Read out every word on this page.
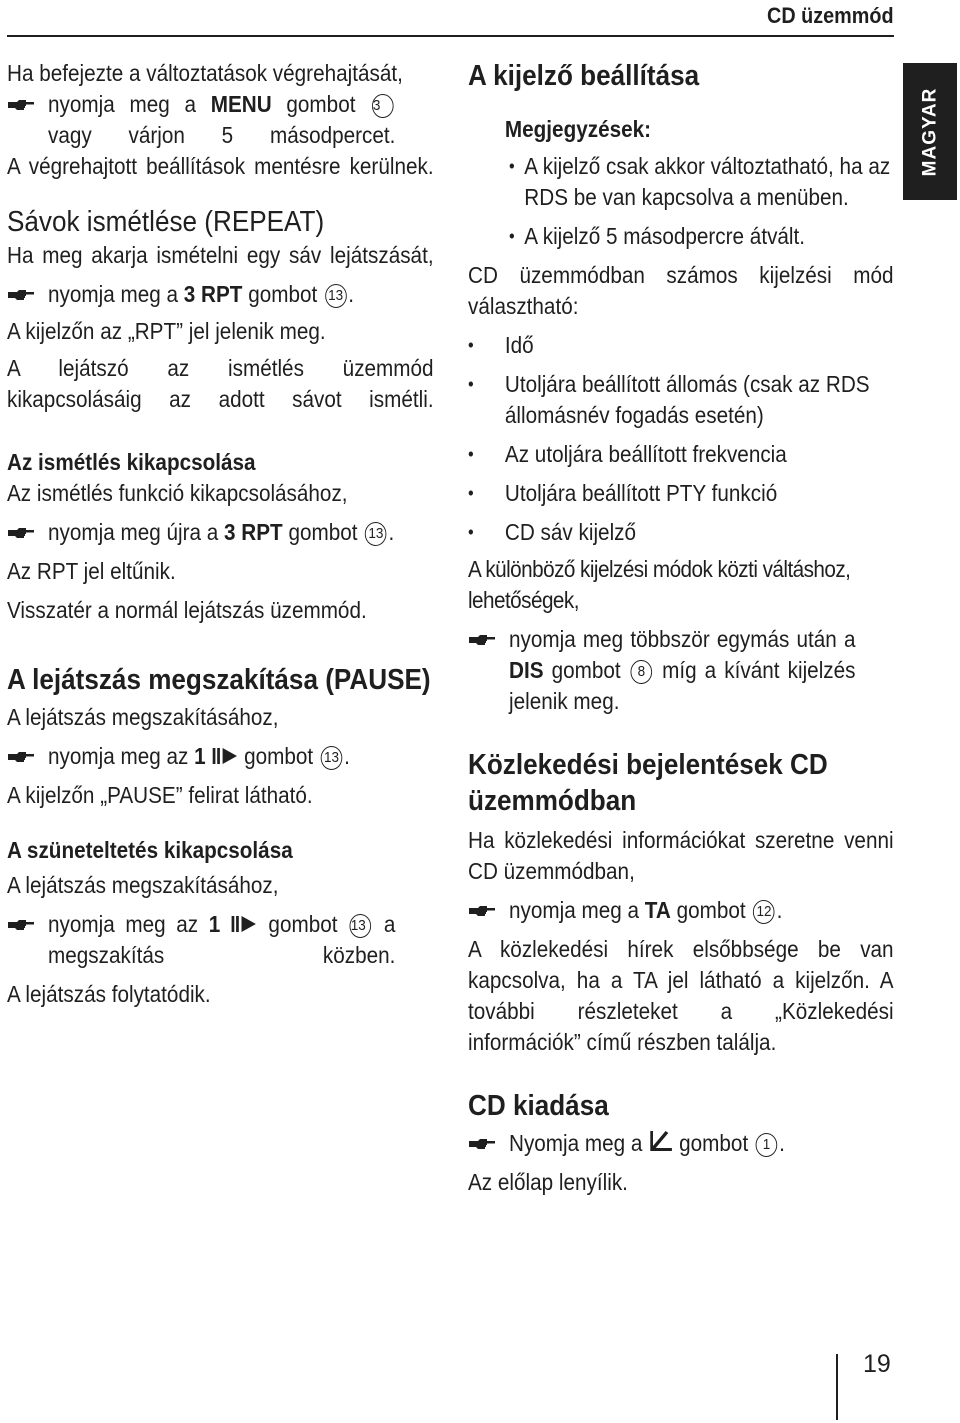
CD üzemmód
MAGYAR

Ha befejezte a változtatások végrehajtását,

nyomja meg a MENU gombot 3 vagy várjon 5 másodpercet.

A végrehajtott beállítások mentésre kerülnek.

Sávok ismétlése (REPEAT)

Ha meg akarja ismételni egy sáv lejátszását,

nyomja meg a 3 RPT gombot 13 .

A kijelzőn az „RPT” jel jelenik meg.

A lejátszó az ismétlés üzemmód kikapcsolásáig az adott sávot ismétli.

Az ismétlés kikapcsolása

Az ismétlés funkció kikapcsolásához,

nyomja meg újra a 3 RPT gombot 13 .

Az RPT jel eltűnik.

Visszatér a normál lejátszás üzemmód.

A lejátszás megszakítása (PAUSE)

A lejátszás megszakításához,

nyomja meg az 1  gombot 13 .

A kijelzőn „PAUSE” felirat látható.

A szüneteltetés kikapcsolása

A lejátszás megszakításához,

nyomja meg az 1  gombot 13 a megszakítás közben.

A lejátszás folytatódik.

A kijelző beállítása

Megjegyzések:

• A kijelző csak akkor változtatható, ha az RDS be van kapcsolva a menüben.
• A kijelző 5 másodpercre átvált.

CD üzemmódban számos kijelzési mód választható:

• Idő
• Utoljára beállított állomás (csak az RDS állomásnév fogadás esetén)
• Az utoljára beállított frekvencia
• Utoljára beállított PTY funkció
• CD sáv kijelző

A különböző kijelzési módok közti váltáshoz, lehetőségek,

nyomja meg többször egymás után a DIS gombot 8 míg a kívánt kijelzés jelenik meg.
Közlekedési bejelentések CD üzemmódban

Ha közlekedési információkat szeretne venni CD üzemmódban,

nyomja meg a TA gombot 12 .

A közlekedési hírek elsőbbsége be van kapcsolva, ha a TA jel látható a kijelzőn. A további részleteket a „Közlekedési információk” című részben találja.

CD kiadása
Nyomja meg a  gombot 1 .

Az előlap lenyílik.

19
